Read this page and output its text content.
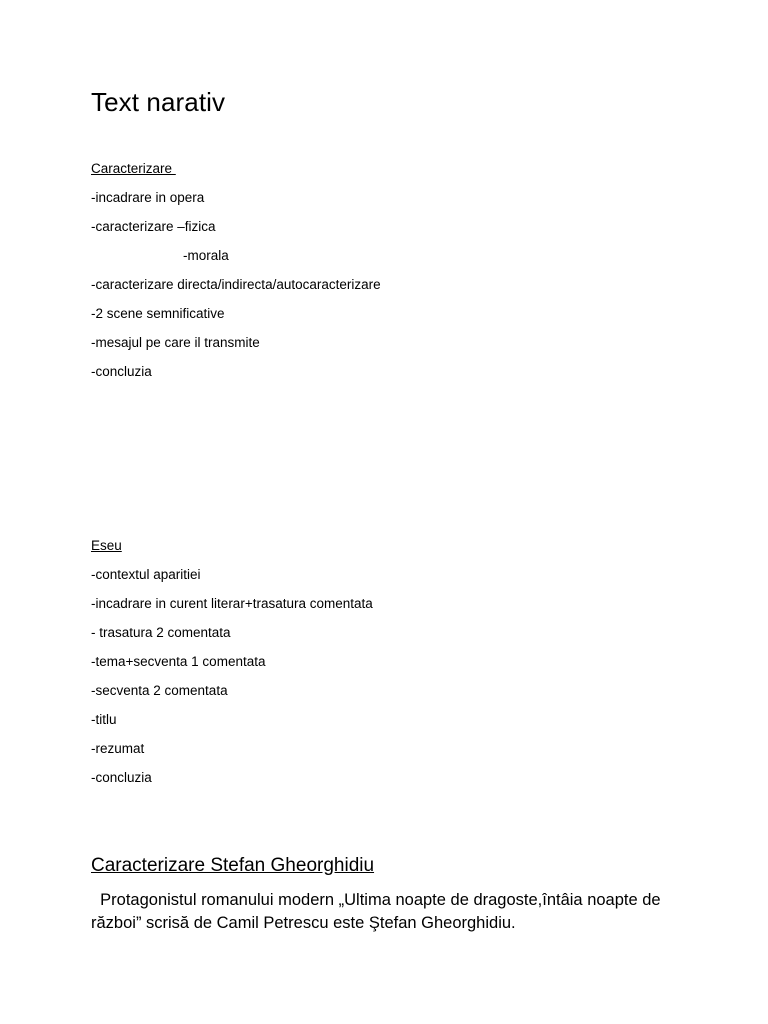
Text narativ
Caracterizare
-incadrare in opera
-caracterizare –fizica
-morala
-caracterizare directa/indirecta/autocaracterizare
-2 scene semnificative
-mesajul pe care il transmite
-concluzia
Eseu
-contextul aparitiei
-incadrare in curent literar+trasatura comentata
- trasatura 2 comentata
-tema+secventa 1 comentata
-secventa 2 comentata
-titlu
-rezumat
-concluzia
Caracterizare Stefan Gheorghidiu

Protagonistul romanului modern „Ultima noapte de dragoste,întâia noapte de război” scrisă de Camil Petrescu este Ştefan Gheorghidiu.
